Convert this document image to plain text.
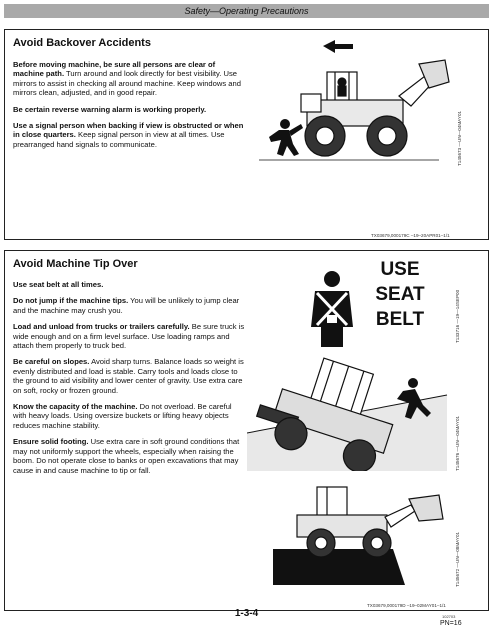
Safety—Operating Precautions
Avoid Backover Accidents

Before moving machine, be sure all persons are clear of machine path. Turn around and look directly for best visibility. Use mirrors to assist in checking all around machine. Keep windows and mirrors clean, adjusted, and in good repair.

Be certain reverse warning alarm is working properly.

Use a signal person when backing if view is obstructed or when in close quarters. Keep signal person in view at all times. Use prearranged hand signals to communicate.	T145673 —UN—04MAY01
TX03679,000179C –19–20APR01–1/1
Avoid Machine Tip Over

Use seat belt at all times.

Do not jump if the machine tips. You will be unlikely to jump clear and the machine may crush you.

Load and unload from trucks or trailers carefully. Be sure truck is wide enough and on a firm level surface. Use loading ramps and attach them properly to truck bed.

Be careful on slopes. Avoid sharp turns. Balance loads so weight is evenly distributed and load is stable. Carry tools and loads close to the ground to aid visibility and lower center of gravity. Use extra care on soft, rocky or frozen ground.

Know the capacity of the machine. Do not overload. Be careful with heavy loads. Using oversize buckets or lifting heavy objects reduces machine stability.

Ensure solid footing. Use extra care in soft ground conditions that may not uniformly support the wheels, especially when raising the boom. Do not operate close to banks or open excavations that may cause in and cause machine to tip or fall.

USE
SEAT
BELT	T133716 —19—14SEP00
T145676 —UN—04MAY01
T145672 —UN—08MAY01
TX03679,000179D –19–02MAY01–1/1
1-3-4	102703
PN=16
